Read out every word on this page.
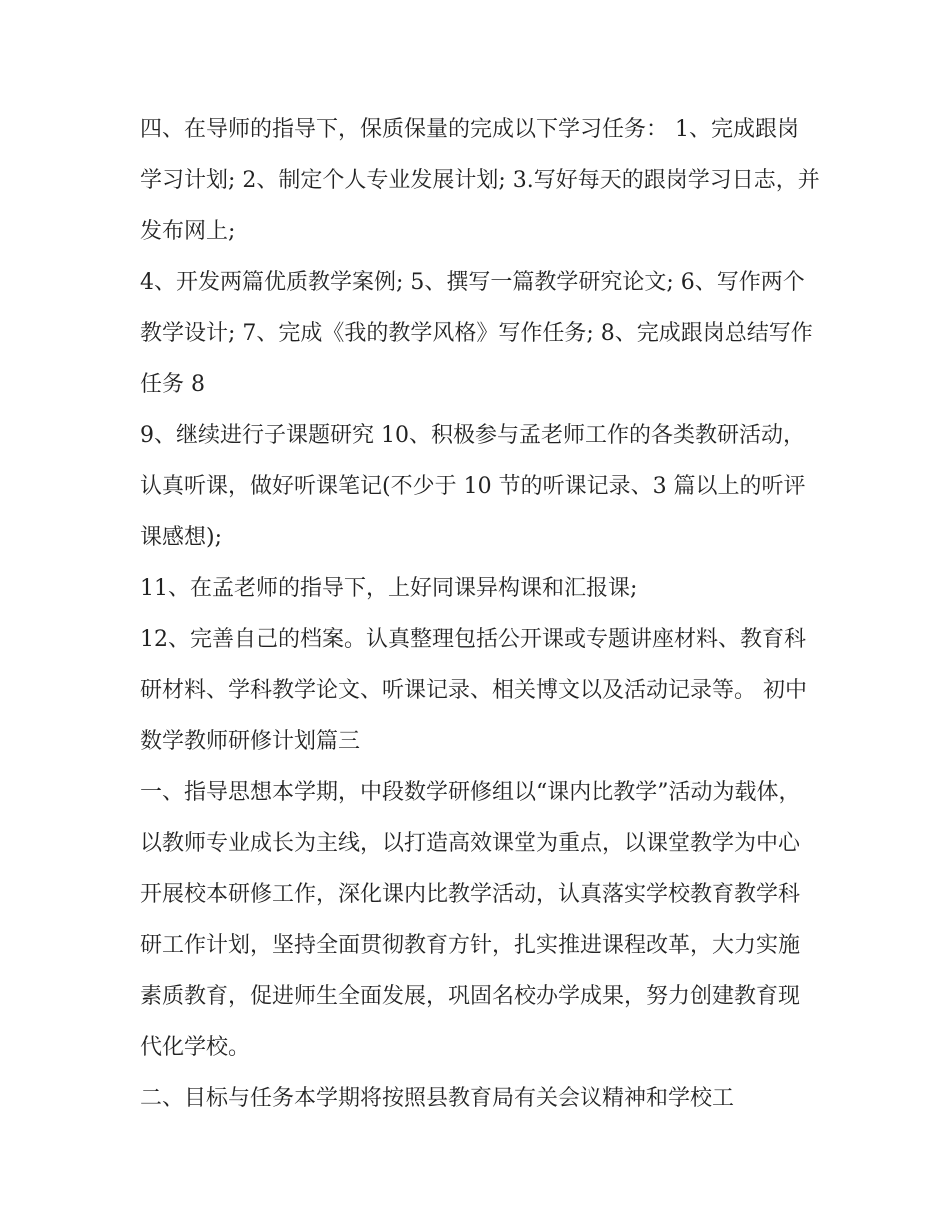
四、在导师的指导下，保质保量的完成以下学习任务： 1、完成跟岗学习计划; 2、制定个人专业发展计划; 3.写好每天的跟岗学习日志，并发布网上;

4、开发两篇优质教学案例; 5、撰写一篇教学研究论文; 6、写作两个教学设计; 7、完成《我的教学风格》写作任务; 8、完成跟岗总结写作任务 8

9、继续进行子课题研究 10、积极参与孟老师工作的各类教研活动，认真听课，做好听课笔记(不少于 10 节的听课记录、3 篇以上的听评课感想);

11、在孟老师的指导下，上好同课异构课和汇报课;

12、完善自己的档案。认真整理包括公开课或专题讲座材料、教育科研材料、学科教学论文、听课记录、相关博文以及活动记录等。 初中数学教师研修计划篇三

一、指导思想本学期，中段数学研修组以“课内比教学”活动为载体，以教师专业成长为主线，以打造高效课堂为重点，以课堂教学为中心开展校本研修工作，深化课内比教学活动，认真落实学校教育教学科研工作计划，坚持全面贯彻教育方针，扎实推进课程改革，大力实施素质教育，促进师生全面发展，巩固名校办学成果，努力创建教育现代化学校。

二、目标与任务本学期将按照县教育局有关会议精神和学校工
